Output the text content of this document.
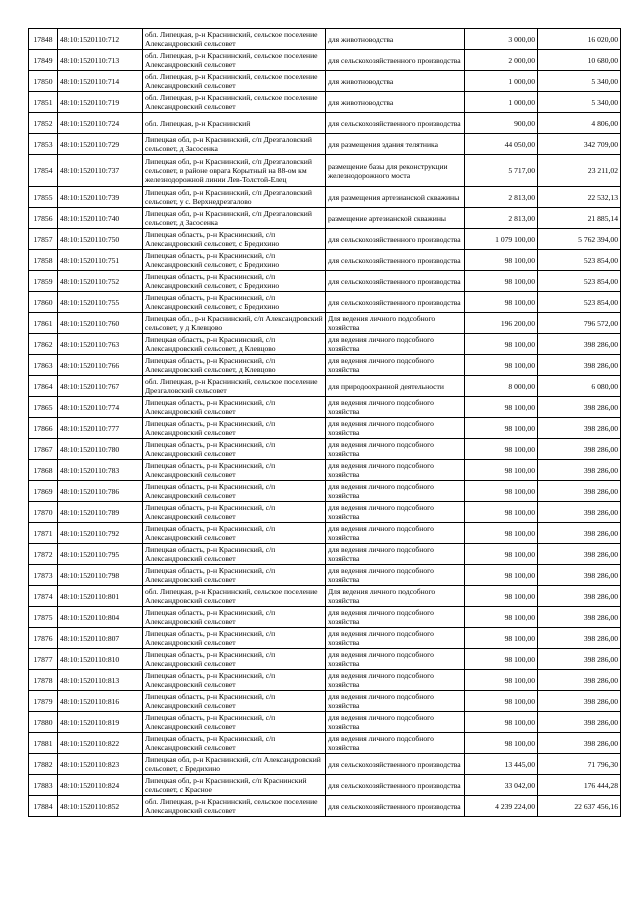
17848	48:10:1520110:712	обл. Липецкая, р-н Краснинский, сельское поселение Александровский сельсовет	для животноводства	3 000,00	16 020,00
17849	48:10:1520110:713	обл. Липецкая, р-н Краснинский, сельское поселение Александровский сельсовет	для сельскохозяйственного производства	2 000,00	10 680,00
17850	48:10:1520110:714	обл. Липецкая, р-н Краснинский, сельское поселение Александровский сельсовет	для животноводства	1 000,00	5 340,00
17851	48:10:1520110:719	обл. Липецкая, р-н Краснинский, сельское поселение Александровский сельсовет	для животноводства	1 000,00	5 340,00
17852	48:10:1520110:724	обл. Липецкая, р-н Краснинский	для сельскохозяйственного производства	900,00	4 806,00
17853	48:10:1520110:729	Липецкая обл, р-н Краснинский, с/п Дрезгаловский сельсовет, д Засосенка	для размещения здания телятника	44 050,00	342 709,00
17854	48:10:1520110:737	Липецкая обл, р-н Краснинский, с/п Дрезгаловский сельсовет, в районе оврага Корытный на 88-ом км железнодорожной линии Лев-Толстой-Елец	размещение базы для реконструкции железнодорожного моста	5 717,00	23 211,02
17855	48:10:1520110:739	Липецкая обл, р-н Краснинский, с/п Дрезгаловский сельсовет, у с. Верхнедрезгалово	для размещения артезианской скважины	2 813,00	22 532,13
17856	48:10:1520110:740	Липецкая обл, р-н Краснинский, с/п Дрезгаловский сельсовет, д Засосенка	размещение артезианской скважины	2 813,00	21 885,14
17857	48:10:1520110:750	Липецкая область, р-н Краснинский, с/п Александровский сельсовет, с Бредихино	для сельскохозяйственного производства	1 079 100,00	5 762 394,00
17858	48:10:1520110:751	Липецкая область, р-н Краснинский, с/п Александровский сельсовет, с Бредихино	для сельскохозяйственного производства	98 100,00	523 854,00
17859	48:10:1520110:752	Липецкая область, р-н Краснинский, с/п Александровский сельсовет, с Бредихино	для сельскохозяйственного производства	98 100,00	523 854,00
17860	48:10:1520110:755	Липецкая область, р-н Краснинский, с/п Александровский сельсовет, с Бредихино	для сельскохозяйственного производства	98 100,00	523 854,00
17861	48:10:1520110:760	Липецкая обл., р-н Краснинский, с/п Александровский сельсовет, у д Клевцово	Для ведения личного подсобного хозяйства	196 200,00	796 572,00
17862	48:10:1520110:763	Липецкая область, р-н Краснинский, с/п Александровский сельсовет, д Клевцово	для ведения личного подсобного хозяйства	98 100,00	398 286,00
17863	48:10:1520110:766	Липецкая область, р-н Краснинский, с/п Александровский сельсовет, д Клевцово	для ведения личного подсобного хозяйства	98 100,00	398 286,00
17864	48:10:1520110:767	обл. Липецкая, р-н Краснинский, сельское поселение Дрезгаловский сельсовет	для природоохранной деятельности	8 000,00	6 080,00
17865	48:10:1520110:774	Липецкая область, р-н Краснинский, с/п Александровский сельсовет	для ведения личного подсобного хозяйства	98 100,00	398 286,00
17866	48:10:1520110:777	Липецкая область, р-н Краснинский, с/п Александровский сельсовет	для ведения личного подсобного хозяйства	98 100,00	398 286,00
17867	48:10:1520110:780	Липецкая область, р-н Краснинский, с/п Александровский сельсовет	для ведения личного подсобного хозяйства	98 100,00	398 286,00
17868	48:10:1520110:783	Липецкая область, р-н Краснинский, с/п Александровский сельсовет	для ведения личного подсобного хозяйства	98 100,00	398 286,00
17869	48:10:1520110:786	Липецкая область, р-н Краснинский, с/п Александровский сельсовет	для ведения личного подсобного хозяйства	98 100,00	398 286,00
17870	48:10:1520110:789	Липецкая область, р-н Краснинский, с/п Александровский сельсовет	для ведения личного подсобного хозяйства	98 100,00	398 286,00
17871	48:10:1520110:792	Липецкая область, р-н Краснинский, с/п Александровский сельсовет	для ведения личного подсобного хозяйства	98 100,00	398 286,00
17872	48:10:1520110:795	Липецкая область, р-н Краснинский, с/п Александровский сельсовет	для ведения личного подсобного хозяйства	98 100,00	398 286,00
17873	48:10:1520110:798	Липецкая область, р-н Краснинский, с/п Александровский сельсовет	для ведения личного подсобного хозяйства	98 100,00	398 286,00
17874	48:10:1520110:801	обл. Липецкая, р-н Краснинский, сельское поселение Александровский сельсовет	Для ведения личного подсобного хозяйства	98 100,00	398 286,00
17875	48:10:1520110:804	Липецкая область, р-н Краснинский, с/п Александровский сельсовет	для ведения личного подсобного хозяйства	98 100,00	398 286,00
17876	48:10:1520110:807	Липецкая область, р-н Краснинский, с/п Александровский сельсовет	для ведения личного подсобного хозяйства	98 100,00	398 286,00
17877	48:10:1520110:810	Липецкая область, р-н Краснинский, с/п Александровский сельсовет	для ведения личного подсобного хозяйства	98 100,00	398 286,00
17878	48:10:1520110:813	Липецкая область, р-н Краснинский, с/п Александровский сельсовет	для ведения личного подсобного хозяйства	98 100,00	398 286,00
17879	48:10:1520110:816	Липецкая область, р-н Краснинский, с/п Александровский сельсовет	для ведения личного подсобного хозяйства	98 100,00	398 286,00
17880	48:10:1520110:819	Липецкая область, р-н Краснинский, с/п Александровский сельсовет	для ведения личного подсобного хозяйства	98 100,00	398 286,00
17881	48:10:1520110:822	Липецкая область, р-н Краснинский, с/п Александровский сельсовет	для ведения личного подсобного хозяйства	98 100,00	398 286,00
17882	48:10:1520110:823	Липецкая обл, р-н Краснинский, с/п Александровский сельсовет, с Бредихино	для сельскохозяйственного производства	13 445,00	71 796,30
17883	48:10:1520110:824	Липецкая обл, р-н Краснинский, с/п Краснинский сельсовет, с Красное	для сельскохозяйственного производства	33 042,00	176 444,28
17884	48:10:1520110:852	обл. Липецкая, р-н Краснинский, сельское поселение Александровский сельсовет	для сельскохозяйственного производства	4 239 224,00	22 637 456,16
